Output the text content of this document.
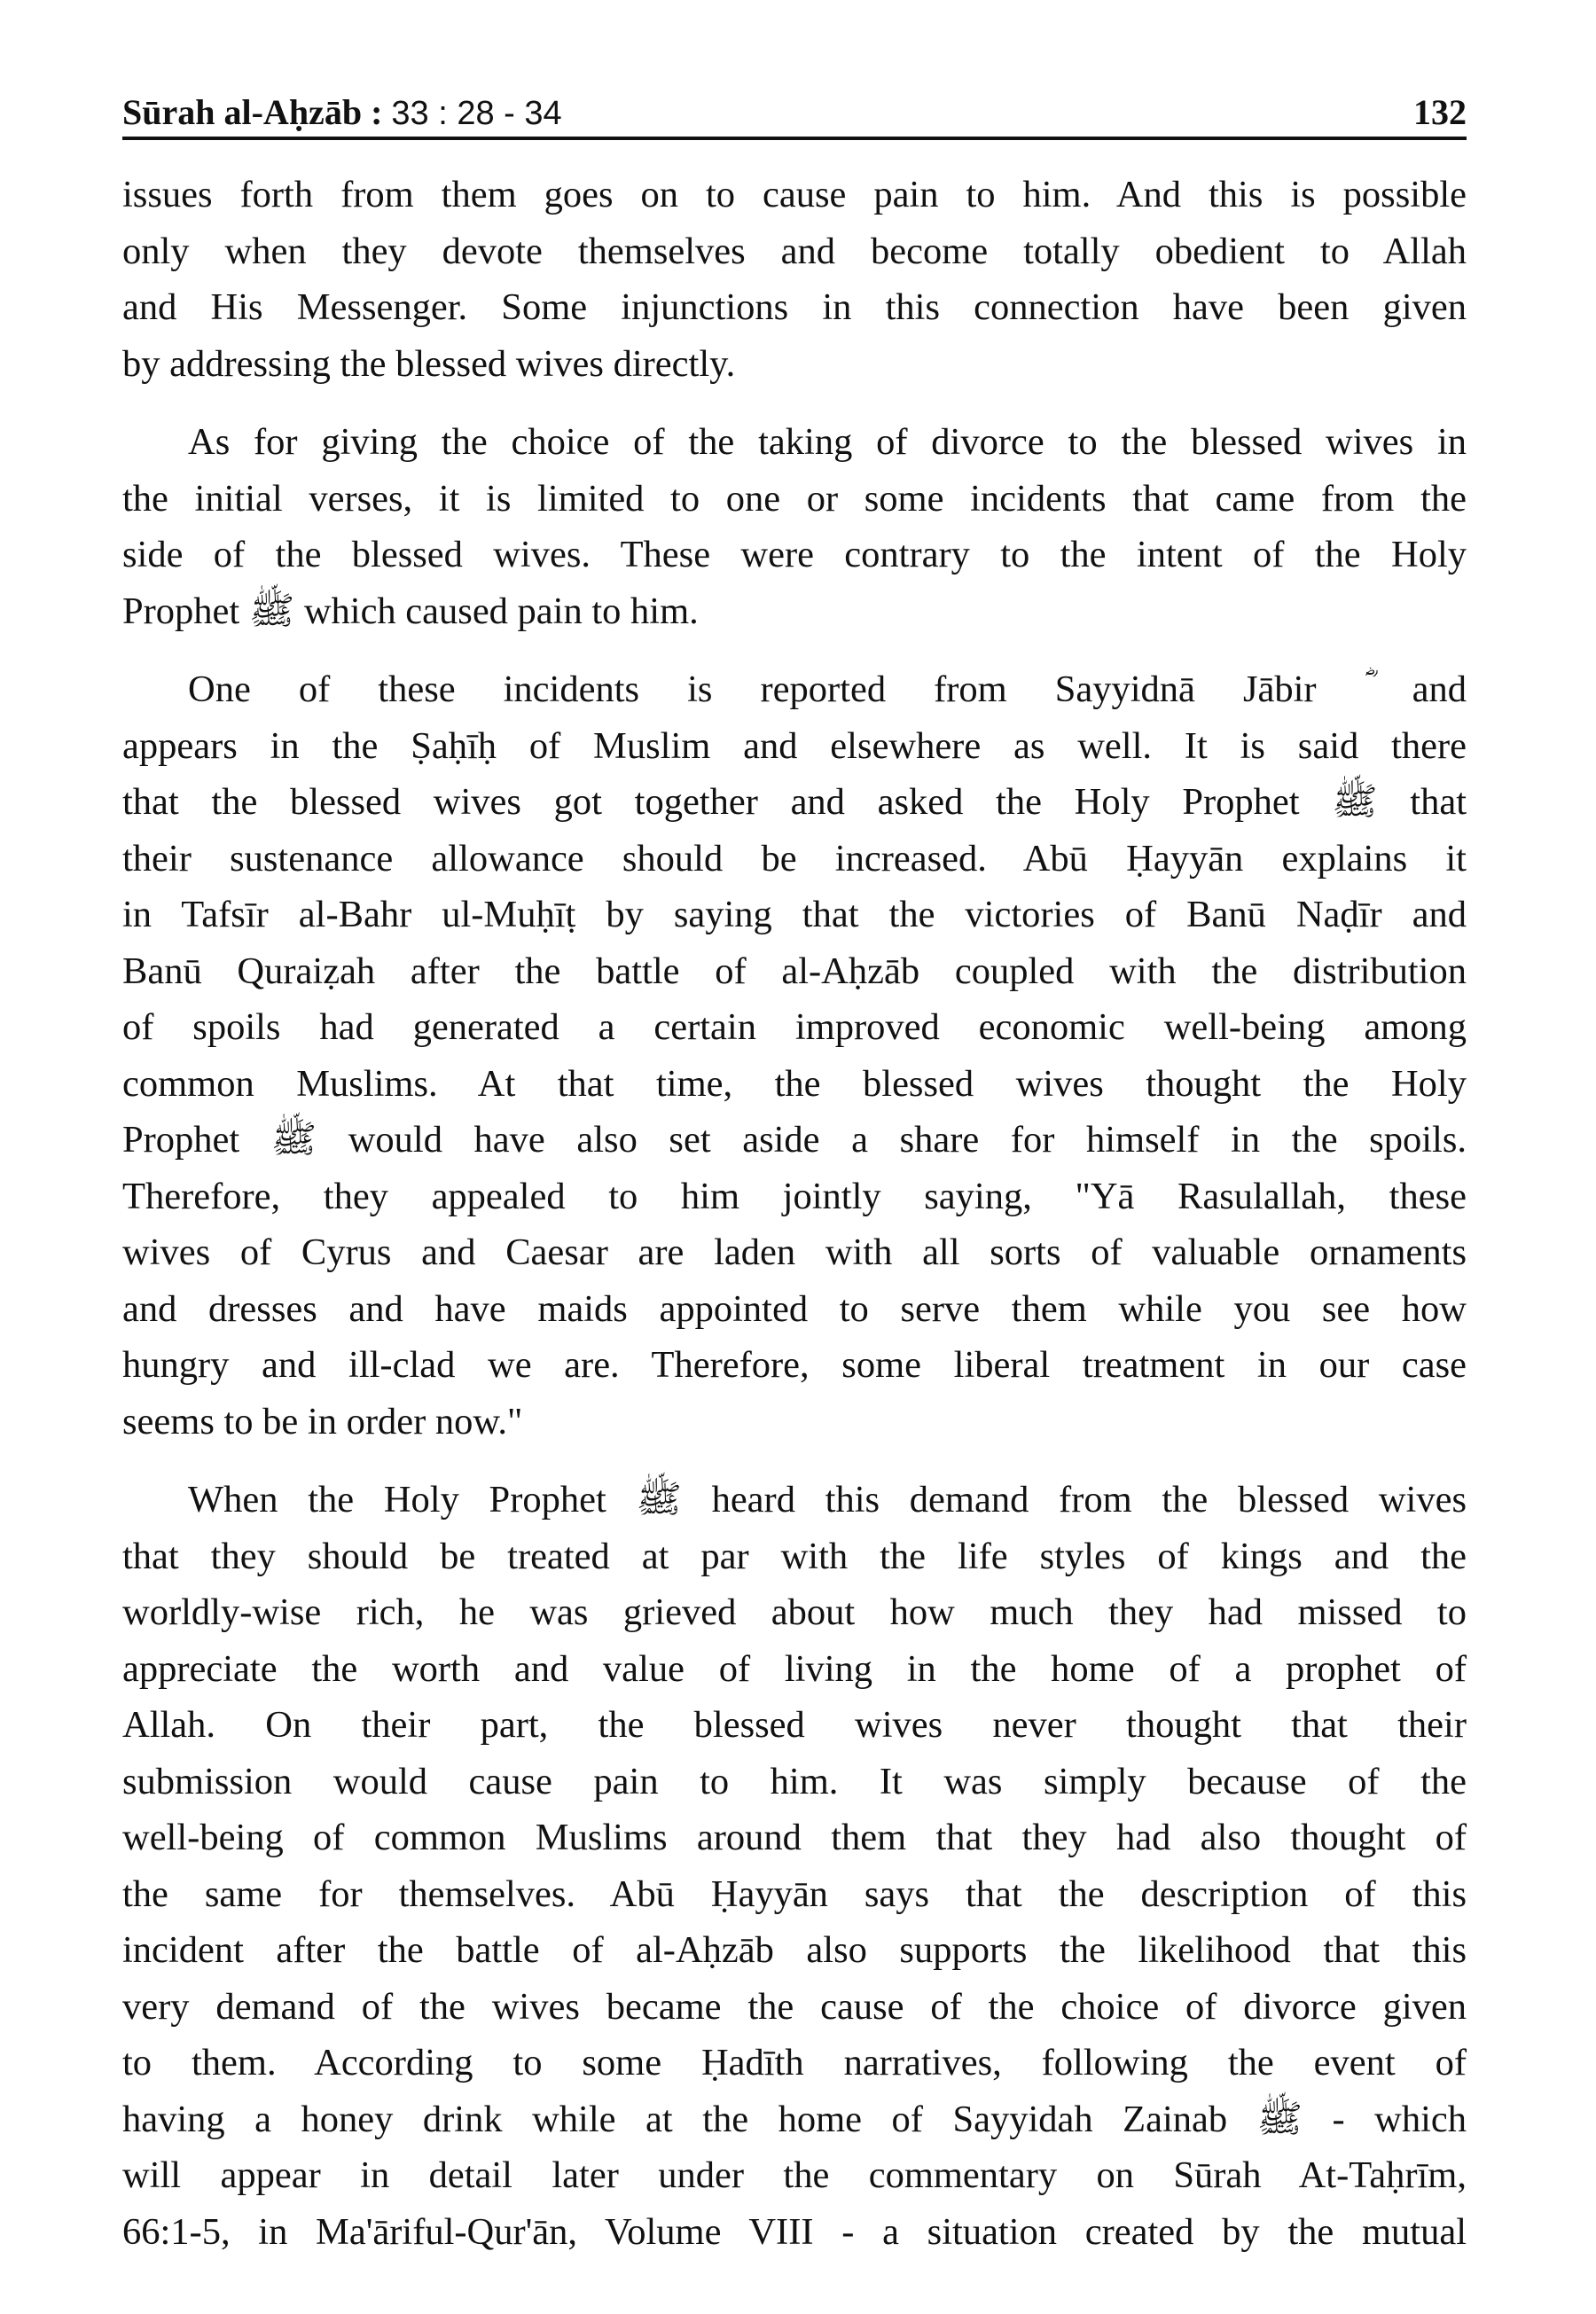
Sūrah al-Aḥzāb : 33 : 28 - 34	132
issues forth from them goes on to cause pain to him. And this is possible
only when they devote themselves and become totally obedient to Allah
and His Messenger. Some injunctions in this connection have been given
by addressing the blessed wives directly.
As for giving the choice of the taking of divorce to the blessed wives in
the initial verses, it is limited to one or some incidents that came from the
side of the blessed wives. These were contrary to the intent of the Holy
Prophet ﷺ which caused pain to him.
One of these incidents is reported from Sayyidnā Jābir ؓ and
appears in the Ṣaḥīḥ of Muslim and elsewhere as well. It is said there
that the blessed wives got together and asked the Holy Prophet ﷺ that
their sustenance allowance should be increased. Abū Ḥayyān explains it
in Tafsīr al-Bahr ul-Muḥīṭ by saying that the victories of Banū Naḍīr and
Banū Quraiẓah after the battle of al-Aḥzāb coupled with the distribution
of spoils had generated a certain improved economic well-being among
common Muslims. At that time, the blessed wives thought the Holy
Prophet ﷺ would have also set aside a share for himself in the spoils.
Therefore, they appealed to him jointly saying, "Yā Rasulallah, these
wives of Cyrus and Caesar are laden with all sorts of valuable ornaments
and dresses and have maids appointed to serve them while you see how
hungry and ill-clad we are. Therefore, some liberal treatment in our case
seems to be in order now."
When the Holy Prophet ﷺ heard this demand from the blessed wives
that they should be treated at par with the life styles of kings and the
worldly-wise rich, he was grieved about how much they had missed to
appreciate the worth and value of living in the home of a prophet of
Allah. On their part, the blessed wives never thought that their
submission would cause pain to him. It was simply because of the
well-being of common Muslims around them that they had also thought of
the same for themselves. Abū Ḥayyān says that the description of this
incident after the battle of al-Aḥzāb also supports the likelihood that this
very demand of the wives became the cause of the choice of divorce given
to them. According to some Ḥadīth narratives, following the event of
having a honey drink while at the home of Sayyidah Zainab ﷺ - which
will appear in detail later under the commentary on Sūrah At-Taḥrīm,
66:1-5, in Ma'āriful-Qur'ān, Volume VIII - a situation created by the mutual
